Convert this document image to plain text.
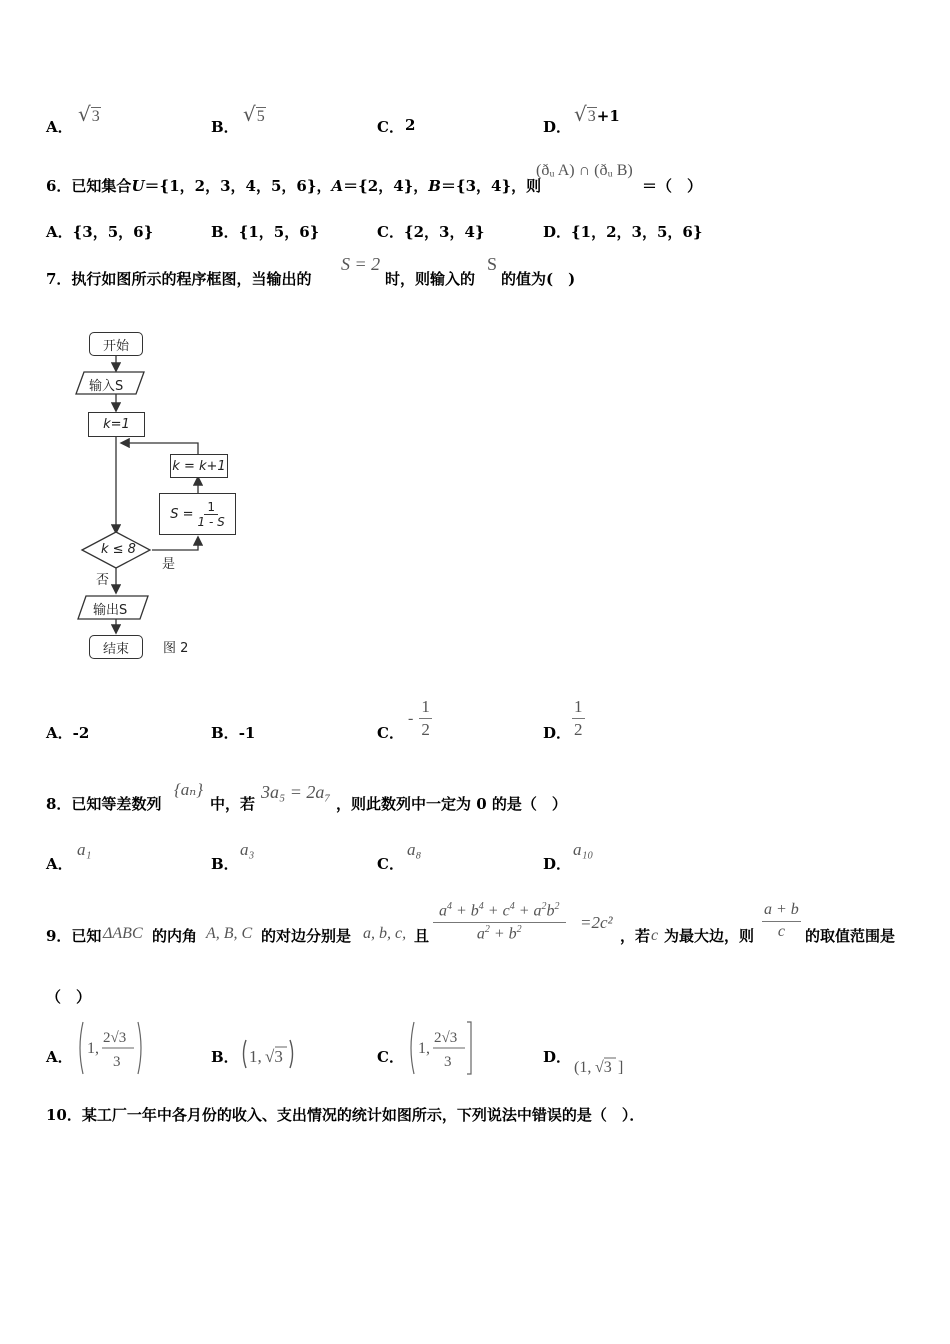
A．
√3
B．
√5
C． 2	D．
√3+1
6．已知集合U＝{1，2，3，4，5，6}，A＝{2，4}，B＝{3，4}，则
(ðᵤ A) ∩ (ðᵤ B)
＝（　）
A．{3，5，6}	B．{1，5，6}	C．{2，3，4}	D．{1，2，3，5，6}
7．执行如图所示的程序框图，当输出的
S = 2
时，则输入的
S
的值为(　)
开始
输入S
k=1
k = k+1
$S = \frac{1}{1 - S}$
k ≤ 8
是
否
输出S
结束	图 2
A．-2	B．-1	C．
- $\frac{1}{2}$	D． $\frac{1}{2}$
8．已知等差数列
{aₙ}
中，若
3a₅ = 2a₇
，则此数列中一定为 0 的是（　）
A．
a₁
B．
a₃
C．
a₈
D．
a₁₀
9．已知 ΔABC 的内角 A, B, C 的对边分别是 a, b, c, 且 $\frac{a^4 + b^4 + c^4 + a^2b^2}{a^2 + b^2} =2c^2$
，若 c 为最大边，则 $\frac{a + b}{c}$ 的取值范围是
（　）
A． 1,
2√3
3	B． 1, √3	C． 1,
2√3
3	D．
(1, √3 ]
10．某工厂一年中各月份的收入、支出情况的统计如图所示，下列说法中错误的是（　）．
